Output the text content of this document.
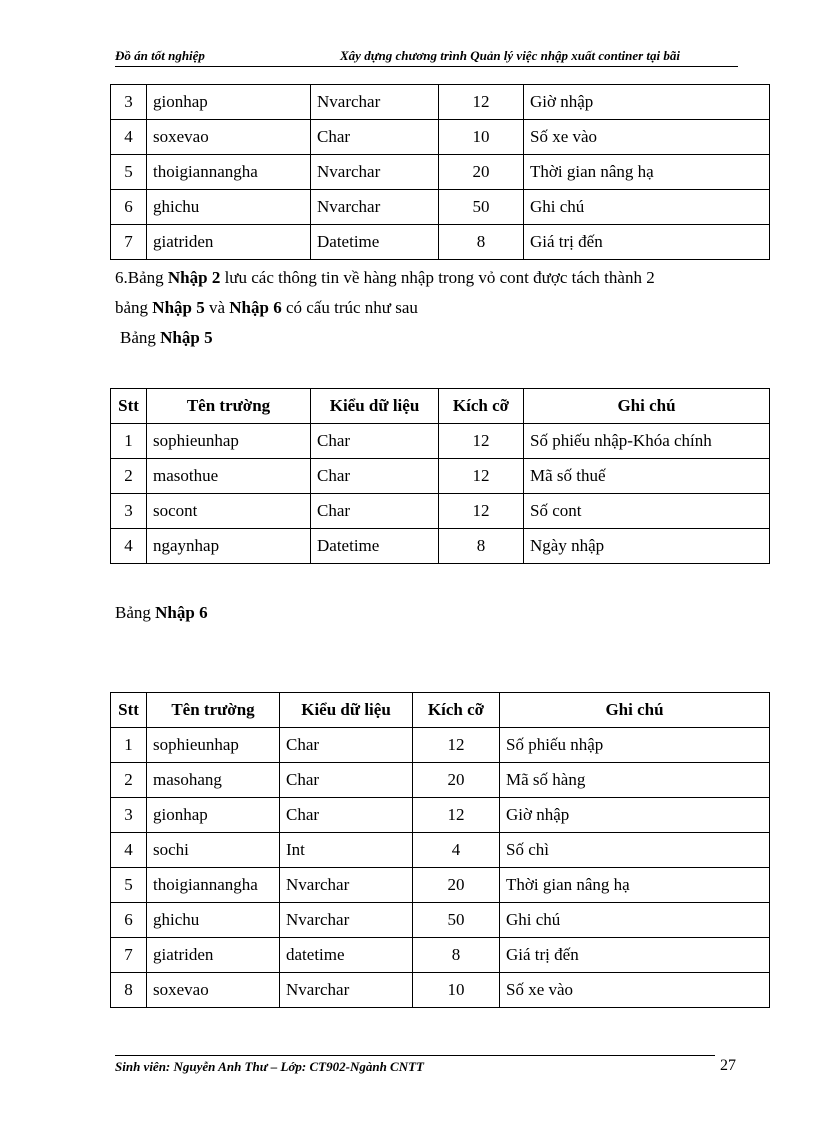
Đồ án tốt nghiệp	Xây dựng chương trình Quản lý việc nhập xuất continer tại bãi
3	gionhap	Nvarchar	12	Giờ nhập
4	soxevao	Char	10	Số xe vào
5	thoigiannangha	Nvarchar	20	Thời gian nâng hạ
6	ghichu	Nvarchar	50	Ghi chú
7	giatriden	Datetime	8	Giá trị đến
6.Bảng Nhập 2 lưu các thông tin về hàng nhập trong vỏ cont được tách thành 2
bảng Nhập 5 và Nhập 6 có cấu trúc như sau
Bảng Nhập 5
Stt	Tên trường	Kiểu dữ liệu	Kích cỡ	Ghi chú
1	sophieunhap	Char	12	Số phiếu nhập-Khóa chính
2	masothue	Char	12	Mã số thuế
3	socont	Char	12	Số cont
4	ngaynhap	Datetime	8	Ngày nhập
Bảng Nhập 6
Stt	Tên trường	Kiểu dữ liệu	Kích cỡ	Ghi chú
1	sophieunhap	Char	12	Số phiếu nhập
2	masohang	Char	20	Mã số hàng
3	gionhap	Char	12	Giờ nhập
4	sochi	Int	4	Số chì
5	thoigiannangha	Nvarchar	20	Thời gian nâng hạ
6	ghichu	Nvarchar	50	Ghi chú
7	giatriden	datetime	8	Giá trị đến
8	soxevao	Nvarchar	10	Số xe vào
Sinh viên: Nguyễn Anh Thư – Lớp: CT902-Ngành CNTT	27
